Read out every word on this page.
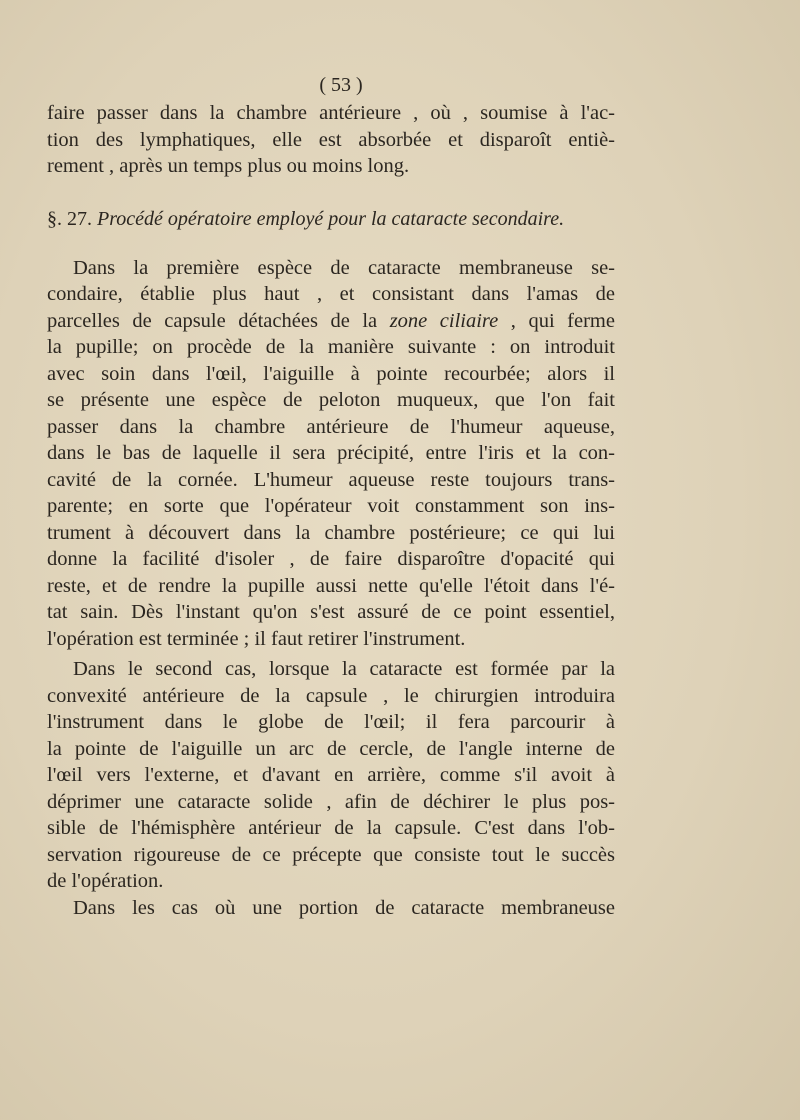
( 53 )
faire passer dans la chambre antérieure , où , soumise à l'ac-
tion des lymphatiques, elle est absorbée et disparoît entiè-
rement , après un temps plus ou moins long.
§. 27. Procédé opératoire employé pour la cataracte secondaire.
Dans la première espèce de cataracte membraneuse se-
condaire, établie plus haut , et consistant dans l'amas de
parcelles de capsule détachées de la zone ciliaire , qui ferme
la pupille; on procède de la manière suivante : on introduit
avec soin dans l'œil, l'aiguille à pointe recourbée; alors il
se présente une espèce de peloton muqueux, que l'on fait
passer dans la chambre antérieure de l'humeur aqueuse,
dans le bas de laquelle il sera précipité, entre l'iris et la con-
cavité de la cornée. L'humeur aqueuse reste toujours trans-
parente; en sorte que l'opérateur voit constamment son ins-
trument à découvert dans la chambre postérieure; ce qui lui
donne la facilité d'isoler , de faire disparoître d'opacité qui
reste, et de rendre la pupille aussi nette qu'elle l'étoit dans l'é-
tat sain. Dès l'instant qu'on s'est assuré de ce point essentiel,
l'opération est terminée ; il faut retirer l'instrument.
Dans le second cas, lorsque la cataracte est formée par la
convexité antérieure de la capsule , le chirurgien introduira
l'instrument dans le globe de l'œil; il fera parcourir à
la pointe de l'aiguille un arc de cercle, de l'angle interne de
l'œil vers l'externe, et d'avant en arrière, comme s'il avoit à
déprimer une cataracte solide , afin de déchirer le plus pos-
sible de l'hémisphère antérieur de la capsule. C'est dans l'ob-
servation rigoureuse de ce précepte que consiste tout le succès
de l'opération.
Dans les cas où une portion de cataracte membraneuse
